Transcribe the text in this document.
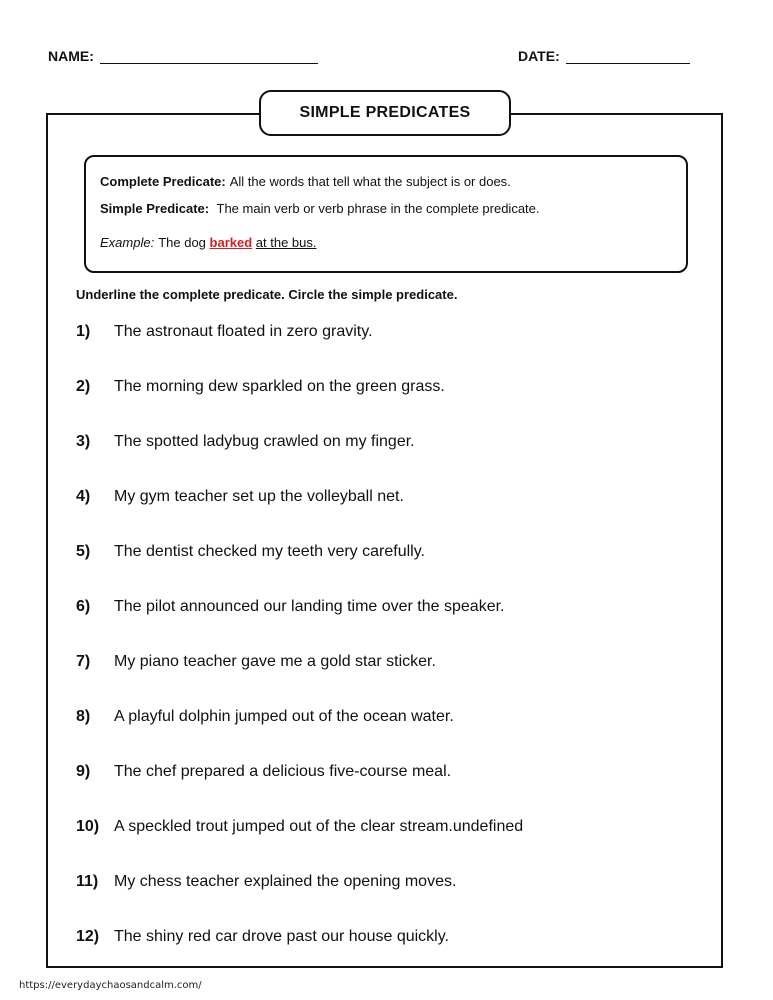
NAME:	DATE:
SIMPLE PREDICATES
Complete Predicate: All the words that tell what the subject is or does.
Simple Predicate: The main verb or verb phrase in the complete predicate.
Example: The dog barked at the bus.
Underline the complete predicate. Circle the simple predicate.
1)	The astronaut floated in zero gravity.
2)	The morning dew sparkled on the green grass.
3)	The spotted ladybug crawled on my finger.
4)	My gym teacher set up the volleyball net.
5)	The dentist checked my teeth very carefully.
6)	The pilot announced our landing time over the speaker.
7)	My piano teacher gave me a gold star sticker.
8)	A playful dolphin jumped out of the ocean water.
9)	The chef prepared a delicious five-course meal.
10) A speckled trout jumped out of the clear stream.undefined
11) My chess teacher explained the opening moves.
12) The shiny red car drove past our house quickly.
https://everydaychaosandcalm.com/
